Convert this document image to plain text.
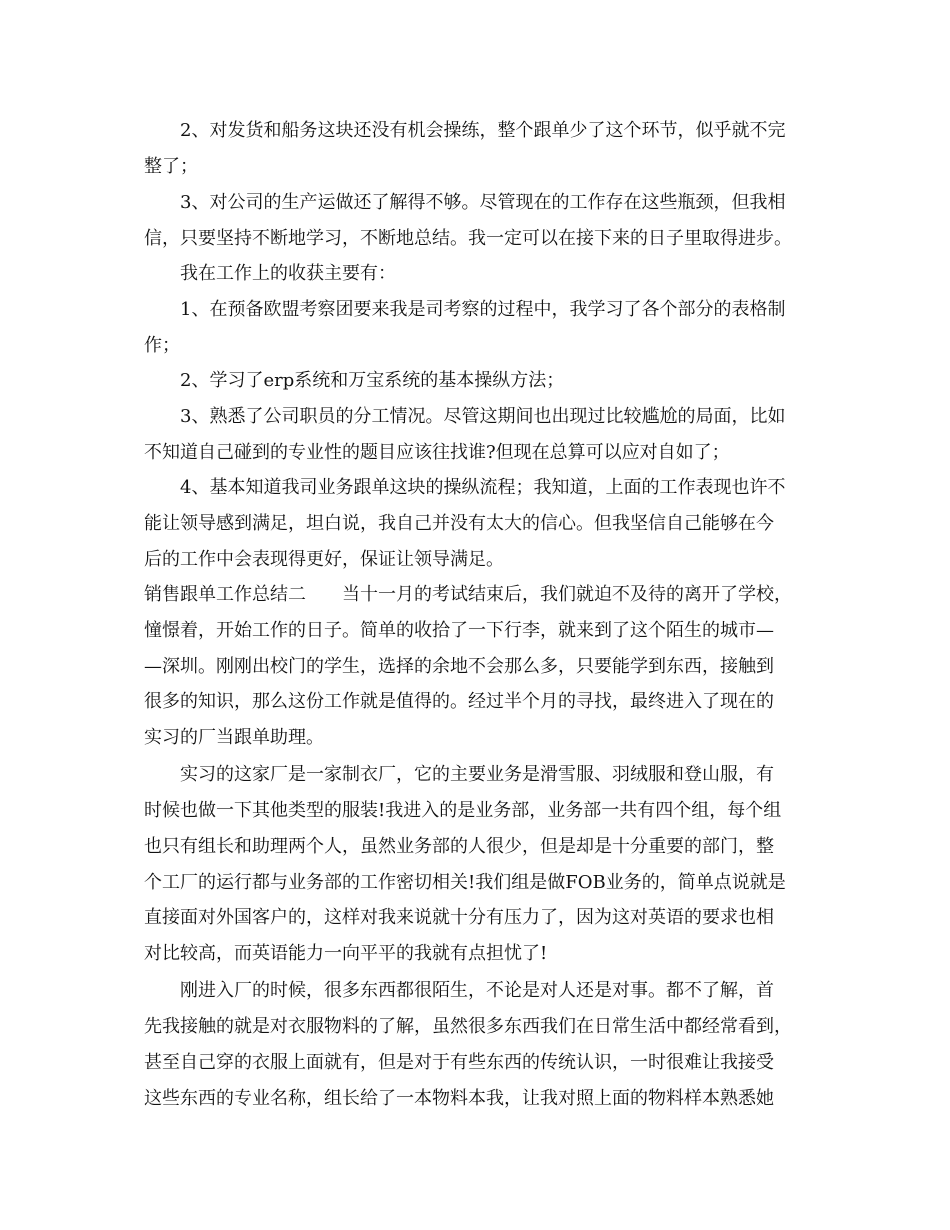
2、对发货和船务这块还没有机会操练，整个跟单少了这个环节，似乎就不完
整了；
3、对公司的生产运做还了解得不够。尽管现在的工作存在这些瓶颈，但我相
信，只要坚持不断地学习，不断地总结。我一定可以在接下来的日子里取得进步。
我在工作上的收获主要有：
1、在预备欧盟考察团要来我是司考察的过程中，我学习了各个部分的表格制
作；
2、学习了erp系统和万宝系统的基本操纵方法；
3、熟悉了公司职员的分工情况。尽管这期间也出现过比较尴尬的局面，比如
不知道自己碰到的专业性的题目应该往找谁?但现在总算可以应对自如了；
4、基本知道我司业务跟单这块的操纵流程；我知道，上面的工作表现也许不
能让领导感到满足，坦白说，我自己并没有太大的信心。但我坚信自己能够在今
后的工作中会表现得更好，保证让领导满足。
销售跟单工作总结二　　当十一月的考试结束后，我们就迫不及待的离开了学校，
憧憬着，开始工作的日子。简单的收拾了一下行李，就来到了这个陌生的城市—
—深圳。刚刚出校门的学生，选择的余地不会那么多，只要能学到东西，接触到
很多的知识，那么这份工作就是值得的。经过半个月的寻找，最终进入了现在的
实习的厂当跟单助理。
实习的这家厂是一家制衣厂，它的主要业务是滑雪服、羽绒服和登山服，有
时候也做一下其他类型的服装!我进入的是业务部，业务部一共有四个组，每个组
也只有组长和助理两个人，虽然业务部的人很少，但是却是十分重要的部门，整
个工厂的运行都与业务部的工作密切相关!我们组是做FOB业务的，简单点说就是
直接面对外国客户的，这样对我来说就十分有压力了，因为这对英语的要求也相
对比较高，而英语能力一向平平的我就有点担忧了!
刚进入厂的时候，很多东西都很陌生，不论是对人还是对事。都不了解，首
先我接触的就是对衣服物料的了解，虽然很多东西我们在日常生活中都经常看到，
甚至自己穿的衣服上面就有，但是对于有些东西的传统认识，一时很难让我接受
这些东西的专业名称，组长给了一本物料本我，让我对照上面的物料样本熟悉她
